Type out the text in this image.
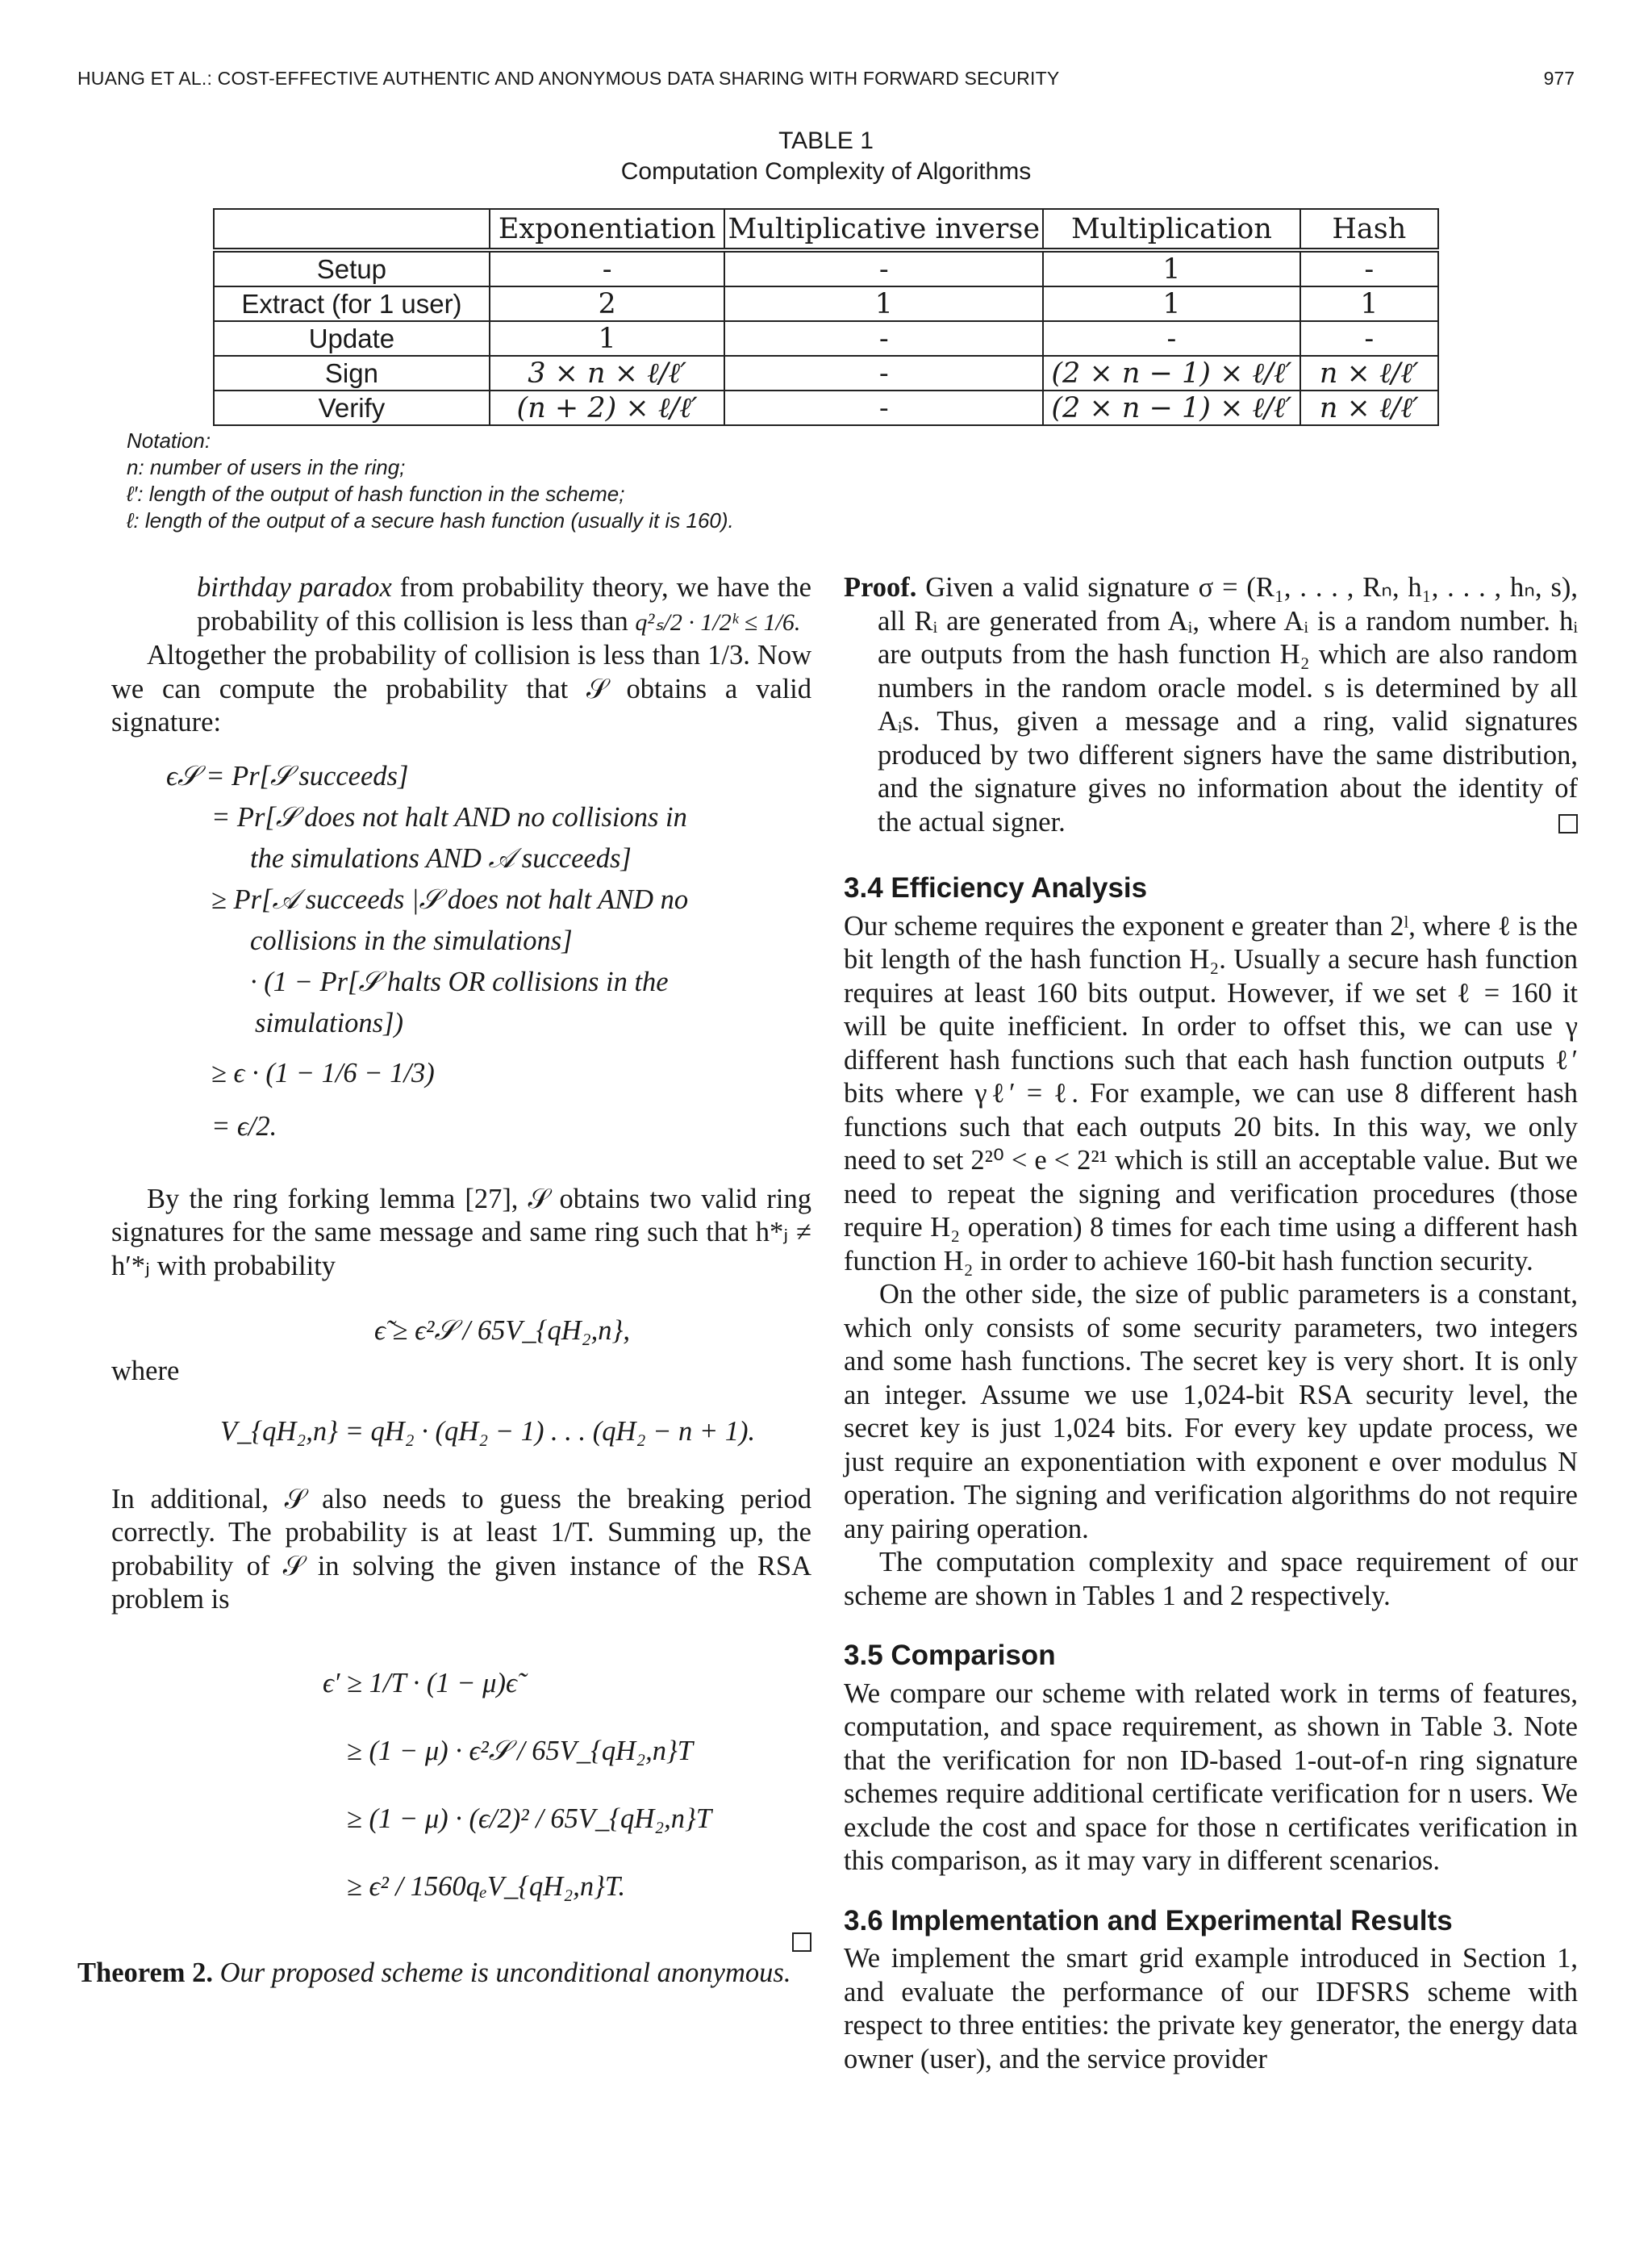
HUANG ET AL.: COST-EFFECTIVE AUTHENTIC AND ANONYMOUS DATA SHARING WITH FORWARD SECURITY	977
TABLE 1
Computation Complexity of Algorithms
	Exponentiation	Multiplicative inverse	Multiplication	Hash
Setup	-	-	1	-
Extract (for 1 user)	2	1	1	1
Update	1	-	-	-
Sign	3 × n × ℓ/ℓ′	-	(2 × n − 1) × ℓ/ℓ′	n × ℓ/ℓ′
Verify	(n + 2) × ℓ/ℓ′	-	(2 × n − 1) × ℓ/ℓ′	n × ℓ/ℓ′
Notation:
n: number of users in the ring;
ℓ′: length of the output of hash function in the scheme;
ℓ: length of the output of a secure hash function (usually it is 160).

birthday paradox from probability theory, we have the probability of this collision is less than q²ₛ/2 · 1/2ᵏ ≤ 1/6.

Altogether the probability of collision is less than 1/3. Now we can compute the probability that 𝒮 obtains a valid signature:

ϵ𝒮 = Pr[𝒮 succeeds]
= Pr[𝒮 does not halt AND no collisions in
the simulations AND 𝒜 succeeds]
≥ Pr[𝒜 succeeds |𝒮 does not halt AND no
collisions in the simulations]
· (1 − Pr[𝒮 halts OR collisions in the
simulations])
≥ ϵ · (1 − 1/6 − 1/3)
= ϵ/2.

By the ring forking lemma [27], 𝒮 obtains two valid ring signatures for the same message and same ring such that h*ⱼ ≠ h′*ⱼ with probability

ϵ̃ ≥ ϵ²𝒮 / 65V_{qH₂,n},

where

V_{qH₂,n} = qH₂ · (qH₂ − 1) . . . (qH₂ − n + 1).

In additional, 𝒮 also needs to guess the breaking period correctly. The probability is at least 1/T. Summing up, the probability of 𝒮 in solving the given instance of the RSA problem is

ϵ′ ≥ 1/T · (1 − μ)ϵ̃
≥ (1 − μ) · ϵ²𝒮 / 65V_{qH₂,n}T
≥ (1 − μ) · (ϵ/2)² / 65V_{qH₂,n}T
≥ ϵ² / 1560qₑV_{qH₂,n}T.

Theorem 2. Our proposed scheme is unconditional anonymous.

Proof. Given a valid signature σ = (R₁, . . . , Rₙ, h₁, . . . , hₙ, s), all Rᵢ are generated from Aᵢ, where Aᵢ is a random number. hᵢ are outputs from the hash function H₂ which are also random numbers in the random oracle model. s is determined by all Aᵢs. Thus, given a message and a ring, valid signatures produced by two different signers have the same distribution, and the signature gives no information about the identity of the actual signer.

3.4 Efficiency Analysis

Our scheme requires the exponent e greater than 2ˡ, where ℓ is the bit length of the hash function H₂. Usually a secure hash function requires at least 160 bits output. However, if we set ℓ = 160 it will be quite inefficient. In order to offset this, we can use γ different hash functions such that each hash function outputs ℓ′ bits where γℓ′ = ℓ. For example, we can use 8 different hash functions such that each outputs 20 bits. In this way, we only need to set 2²⁰ < e < 2²¹ which is still an acceptable value. But we need to repeat the signing and verification procedures (those require H₂ operation) 8 times for each time using a different hash function H₂ in order to achieve 160-bit hash function security.

On the other side, the size of public parameters is a constant, which only consists of some security parameters, two integers and some hash functions. The secret key is very short. It is only an integer. Assume we use 1,024-bit RSA security level, the secret key is just 1,024 bits. For every key update process, we just require an exponentiation with exponent e over modulus N operation. The signing and verification algorithms do not require any pairing operation.

The computation complexity and space requirement of our scheme are shown in Tables 1 and 2 respectively.

3.5 Comparison

We compare our scheme with related work in terms of features, computation, and space requirement, as shown in Table 3. Note that the verification for non ID-based 1-out-of-n ring signature schemes require additional certificate verification for n users. We exclude the cost and space for those n certificates verification in this comparison, as it may vary in different scenarios.

3.6 Implementation and Experimental Results

We implement the smart grid example introduced in Section 1, and evaluate the performance of our IDFSRS scheme with respect to three entities: the private key generator, the energy data owner (user), and the service provider
